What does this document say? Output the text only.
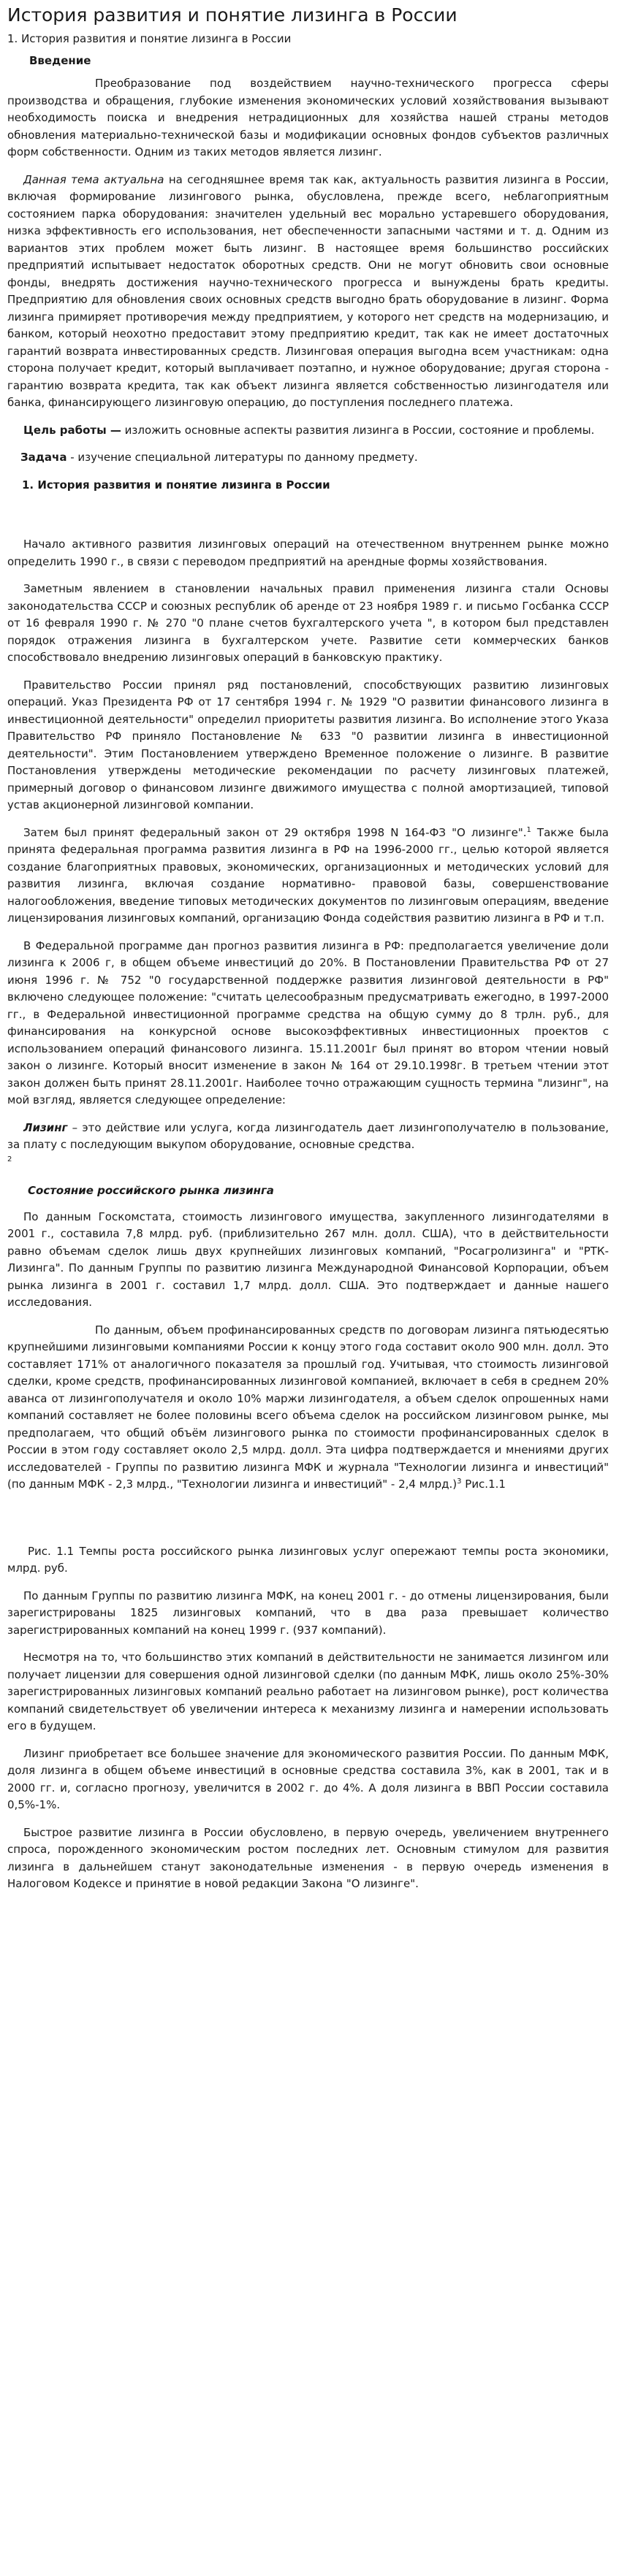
История развития и понятие лизинга в России
1. История развития и понятие лизинга в России
Введение

Преобразование под воздействием научно-технического прогресса сферы производства и обращения, глубокие изменения экономических условий хозяйствования вызывают необходимость поиска и внедрения нетрадиционных для хозяйства нашей страны методов обновления материально-технической базы и модификации основных фондов субъектов различных форм собственности. Одним из таких методов является лизинг.

Данная тема актуальна на сегодняшнее время так как, актуальность развития лизинга в России, включая формирование лизингового рынка, обусловлена, прежде всего, неблагоприятным состоянием парка оборудования: значителен удельный вес морально устаревшего оборудования, низка эффективность его использования, нет обеспеченности запасными частями и т. д. Одним из вариантов этих проблем может быть лизинг. В настоящее время большинство российских предприятий испытывает недостаток оборотных средств. Они не могут обновить свои основные фонды, внедрять достижения научно-технического прогресса и вынуждены брать кредиты. Предприятию для обновления своих основных средств выгодно брать оборудование в лизинг. Форма лизинга примиряет противоречия между предприятием, у которого нет средств на модернизацию, и банком, который неохотно предоставит этому предприятию кредит, так как не имеет достаточных гарантий возврата инвестированных средств. Лизинговая операция выгодна всем участникам: одна сторона получает кредит, который выплачивает поэтапно, и нужное оборудование; другая сторона - гарантию возврата кредита, так как объект лизинга является собственностью лизингодателя или банка, финансирующего лизинговую операцию, до поступления последнего платежа.

Цель работы — изложить основные аспекты развития лизинга в России, состояние и проблемы.

Задача - изучение специальной литературы по данному предмету.

1. История развития и понятие лизинга в России

Начало активного развития лизинговых операций на отечественном внутреннем рынке можно определить 1990 г., в связи с переводом предприятий на арендные формы хозяйствования.

Заметным явлением в становлении начальных правил применения лизинга стали Основы законодательства СССР и союзных республик об аренде от 23 ноября 1989 г. и письмо Госбанка СССР от 16 февраля 1990 г. № 270 "0 плане счетов бухгалтерского учета ", в котором был представлен порядок отражения лизинга в бухгалтерском учете. Развитие сети коммерческих банков способствовало внедрению лизинговых операций в банковскую практику.

Правительство России принял ряд постановлений, способствующих развитию лизинговых операций. Указ Президента РФ от 17 сентября 1994 г. № 1929 "О развитии финансового лизинга в инвестиционной деятельности" определил приоритеты развития лизинга. Во исполнение этого Указа Правительство РФ приняло Постановление № 633 "0 развитии лизинга в инвестиционной деятельности". Этим Постановлением утверждено Временное положение о лизинге. В развитие Постановления утверждены методические рекомендации по расчету лизинговых платежей, примерный договор о финансовом лизинге движимого имущества с полной амортизацией, типовой устав акционерной лизинговой компании.

Затем был принят федеральный закон от 29 октября 1998 N 164-ФЗ "О лизинге".$^1$ Также была принята федеральная программа развития лизинга в РФ на 1996-2000 гг., целью которой является создание благоприятных правовых, экономических, организационных и методических условий для развития лизинга, включая создание нормативно- правовой базы, совершенствование налогообложения, введение типовых методических документов по лизинговым операциям, введение лицензирования лизинговых компаний, организацию Фонда содействия развитию лизинга в РФ и т.п.

В Федеральной программе дан прогноз развития лизинга в РФ: предполагается увеличение доли лизинга к 2006 г, в общем объеме инвестиций до 20%. В Постановлении Правительства РФ от 27 июня 1996 г. № 752 "0 государственной поддержке развития лизинговой деятельности в РФ" включено следующее положение: "считать целесообразным предусматривать ежегодно, в 1997-2000 гг., в Федеральной инвестиционной программе средства на общую сумму до 8 трлн. руб., для финансирования на конкурсной основе высокоэффективных инвестиционных проектов с использованием операций финансового лизинга. 15.11.2001г был принят во втором чтении новый закон о лизинге. Который вносит изменение в закон № 164 от 29.10.1998г. В третьем чтении этот закон должен быть принят 28.11.2001г. Наиболее точно отражающим сущность термина "лизинг", на мой взгляд, является следующее определение:

Лизинг – это действие или услуга, когда лизингодатель дает лизингополучателю в пользование, за плату с последующим выкупом оборудование, основные средства.
$^2$

Состояние российского рынка лизинга

По данным Госкомстата, стоимость лизингового имущества, закупленного лизингодателями в 2001 г., составила 7,8 млрд. руб. (приблизительно 267 млн. долл. США), что в действительности равно объемам сделок лишь двух крупнейших лизинговых компаний, "Росагролизинга" и "РТК-Лизинга". По данным Группы по развитию лизинга Международной Финансовой Корпорации, объем рынка лизинга в 2001 г. составил 1,7 млрд. долл. США. Это подтверждает и данные нашего исследования.

По данным, объем профинансированных средств по договорам лизинга пятьюдесятью крупнейшими лизинговыми компаниями России к концу этого года составит около 900 млн. долл. Это составляет 171% от аналогичного показателя за прошлый год. Учитывая, что стоимость лизинговой сделки, кроме средств, профинансированных лизинговой компанией, включает в себя в среднем 20% аванса от лизингополучателя и около 10% маржи лизингодателя, а объем сделок опрошенных нами компаний составляет не более половины всего объема сделок на российском лизинговом рынке, мы предполагаем, что общий объём лизингового рынка по стоимости профинансированных сделок в России в этом году составляет около 2,5 млрд. долл. Эта цифра подтверждается и мнениями других исследователей - Группы по развитию лизинга МФК и журнала "Технологии лизинга и инвестиций" (по данным МФК - 2,3 млрд., "Технологии лизинга и инвестиций" - 2,4 млрд.)$^3$ Рис.1.1

Рис. 1.1 Темпы роста российского рынка лизинговых услуг опережают темпы роста экономики, млрд. руб.

По данным Группы по развитию лизинга МФК, на конец 2001 г. - до отмены лицензирования, были зарегистрированы 1825 лизинговых компаний, что в два раза превышает количество зарегистрированных компаний на конец 1999 г. (937 компаний).

Несмотря на то, что большинство этих компаний в действительности не занимается лизингом или получает лицензии для совершения одной лизинговой сделки (по данным МФК, лишь около 25%-30% зарегистрированных лизинговых компаний реально работает на лизинговом рынке), рост количества компаний свидетельствует об увеличении интереса к механизму лизинга и намерении использовать его в будущем.

Лизинг приобретает все большее значение для экономического развития России. По данным МФК, доля лизинга в общем объеме инвестиций в основные средства составила 3%, как в 2001, так и в 2000 гг. и, согласно прогнозу, увеличится в 2002 г. до 4%. А доля лизинга в ВВП России составила 0,5%-1%.

Быстрое развитие лизинга в России обусловлено, в первую очередь, увеличением внутреннего спроса, порожденного экономическим ростом последних лет. Основным стимулом для развития лизинга в дальнейшем станут законодательные изменения - в первую очередь изменения в Налоговом Кодексе и принятие в новой редакции Закона "О лизинге".
